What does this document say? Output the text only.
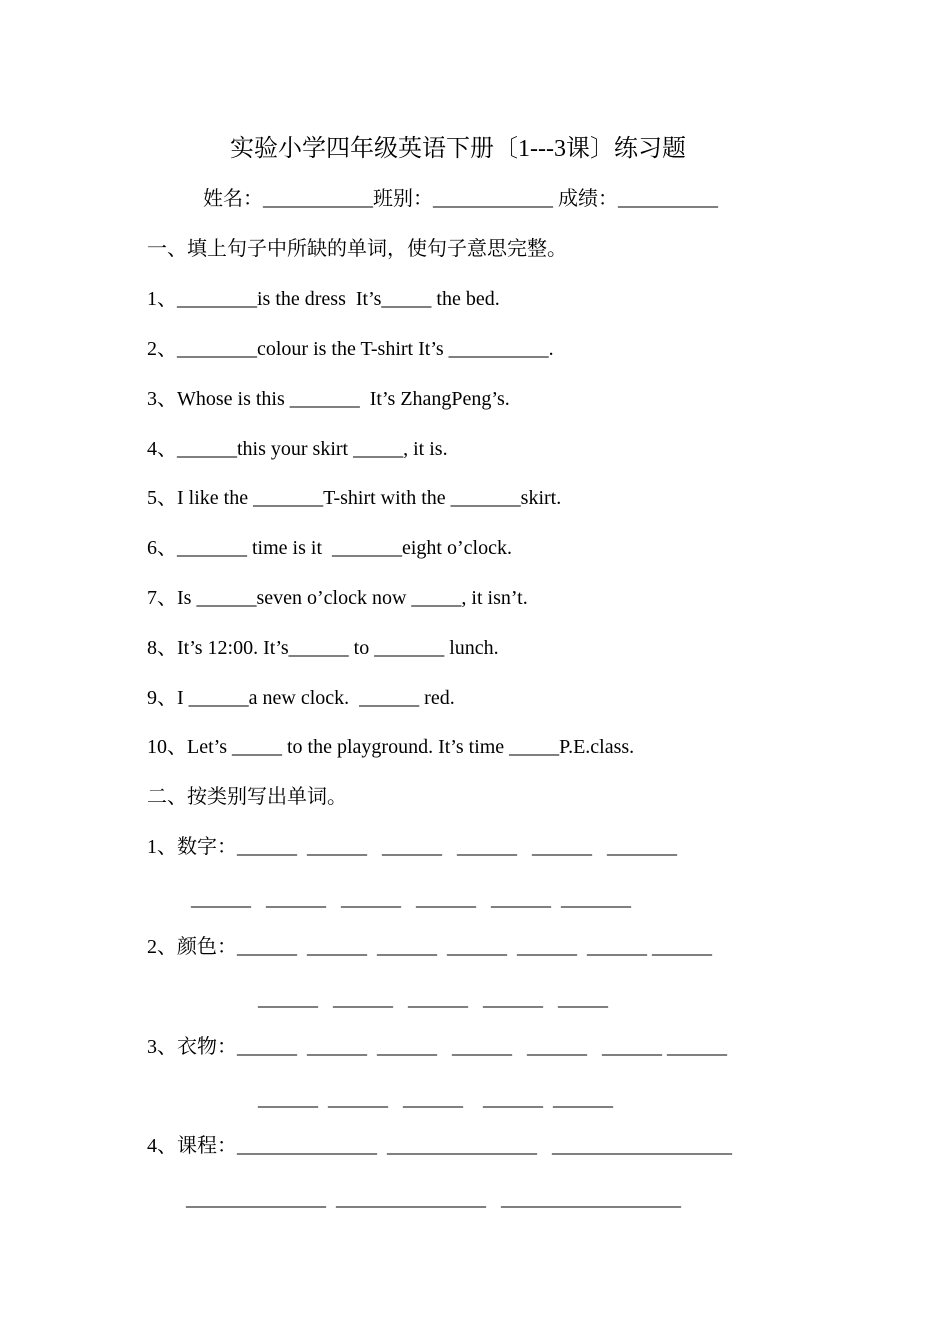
实验小学四年级英语下册〔1---3课〕练习题
姓名：___________班别：____________ 成绩：__________
一、填上句子中所缺的单词，使句子意思完整。
1、________is the dress  It’s_____ the bed.
2、________colour is the T-shirt It’s __________.
3、Whose is this _______  It’s ZhangPeng’s.
4、______this your skirt _____, it is.
5、I like the _______T-shirt with the _______skirt.
6、_______ time is it  _______eight o’clock.
7、Is ______seven o’clock now _____, it isn’t.
8、It’s 12:00. It’s______ to _______ lunch.
9、I ______a new clock.  ______ red.
10、Let’s _____ to the playground. It’s time _____P.E.class.
二、按类别写出单词。
1、数字：______  ______   ______   ______   ______   _______
______   ______   ______   ______   ______  _______
2、颜色：______  ______  ______  ______  ______  ______ ______
______   ______   ______   ______   _____
3、衣物：______  ______  ______   ______   ______   ______ ______
______  ______   ______    ______  ______
4、课程：______________  _______________   __________________
______________  _______________   __________________
